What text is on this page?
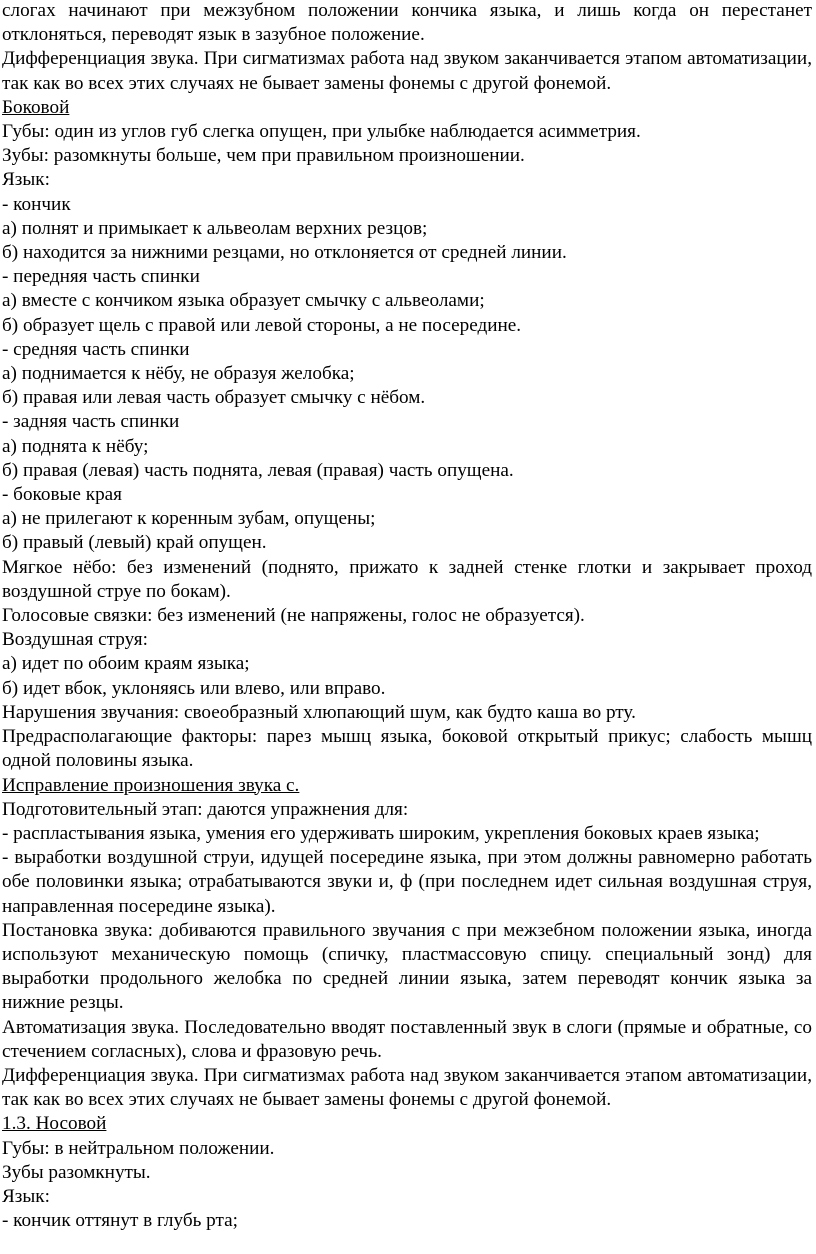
слогах начинают при межзубном положении кончика языка, и лишь когда он перестанет отклоняться, переводят язык в зазубное положение.

Дифференциация звука. При сигматизмах работа над звуком заканчивается этапом автоматизации, так как во всех этих случаях не бывает замены фонемы с другой фонемой.

Боковой

Губы: один из углов губ слегка опущен, при улыбке наблюдается асимметрия.

Зубы: разомкнуты больше, чем при правильном произношении.

Язык:

- кончик

а) полнят и примыкает к альвеолам верхних резцов;

б) находится за нижними резцами, но отклоняется от средней линии.

- передняя часть спинки

а) вместе с кончиком языка образует смычку с альвеолами;

б) образует щель с правой или левой стороны, а не посередине.

- средняя часть спинки

а) поднимается к нёбу, не образуя желобка;

б) правая или левая часть образует смычку с нёбом.

- задняя часть спинки

а) поднята к нёбу;

б) правая (левая) часть поднята, левая (правая) часть опущена.

- боковые края

а) не прилегают к коренным зубам, опущены;

б) правый (левый) край опущен.

Мягкое нёбо: без изменений (поднято, прижато к задней стенке глотки и закрывает проход воздушной струе по бокам).

Голосовые связки: без изменений (не напряжены, голос не образуется).

Воздушная струя:

а) идет по обоим краям языка;

б) идет вбок, уклоняясь или влево, или вправо.

Нарушения звучания: своеобразный хлюпающий шум, как будто каша во рту.

Предрасполагающие факторы: парез мышц языка, боковой открытый прикус; слабость мышц одной половины языка.

Исправление произношения звука с.

Подготовительный этап: даются упражнения для:

- распластывания языка, умения его удерживать широким, укрепления боковых краев языка;

- выработки воздушной струи, идущей посередине языка, при этом должны равномерно работать обе половинки языка; отрабатываются звуки и, ф (при последнем идет сильная воздушная струя, направленная посередине языка).

Постановка звука: добиваются правильного звучания с при межзебном положении языка, иногда используют механическую помощь (спичку, пластмассовую спицу. специальный зонд) для выработки продольного желобка по средней линии языка, затем переводят кончик языка за нижние резцы.

Автоматизация звука. Последовательно вводят поставленный звук в слоги (прямые и обратные, со стечением согласных), слова и фразовую речь.

Дифференциация звука. При сигматизмах работа над звуком заканчивается этапом автоматизации, так как во всех этих случаях не бывает замены фонемы с другой фонемой.

1.3. Носовой

Губы: в нейтральном положении.

Зубы разомкнуты.

Язык:

- кончик оттянут в глубь рта;
